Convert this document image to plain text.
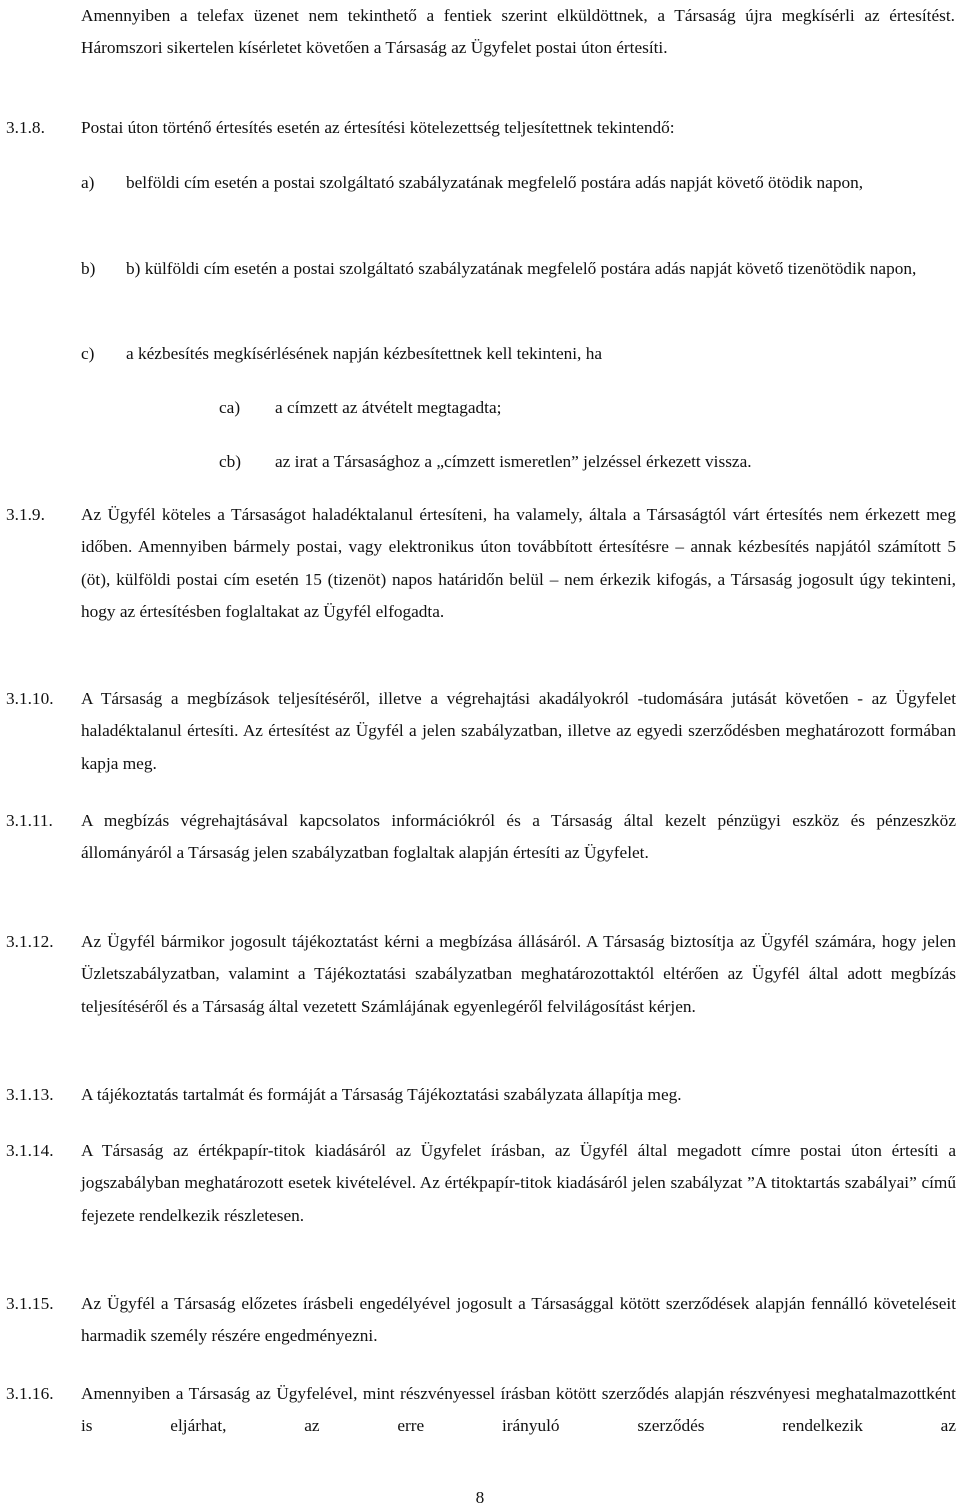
Amennyiben a telefax üzenet nem tekinthető a fentiek szerint elküldöttnek, a Társaság újra megkísérli az értesítést. Háromszori sikertelen kísérletet követően a Társaság az Ügyfelet postai úton értesíti.
3.1.8. Postai úton történő értesítés esetén az értesítési kötelezettség teljesítettnek tekintendő:
a) belföldi cím esetén a postai szolgáltató szabályzatának megfelelő postára adás napját követő ötödik napon,
b) b) külföldi cím esetén a postai szolgáltató szabályzatának megfelelő postára adás napját követő tizenötödik napon,
c) a kézbesítés megkísérlésének napján kézbesítettnek kell tekinteni, ha
ca) a címzett az átvételt megtagadta;
cb) az irat a Társasághoz a „címzett ismeretlen” jelzéssel érkezett vissza.
3.1.9. Az Ügyfél köteles a Társaságot haladéktalanul értesíteni, ha valamely, általa a Társaságtól várt értesítés nem érkezett meg időben. Amennyiben bármely postai, vagy elektronikus úton továbbított értesítésre – annak kézbesítés napjától számított 5 (öt), külföldi postai cím esetén 15 (tizenöt) napos határidőn belül – nem érkezik kifogás, a Társaság jogosult úgy tekinteni, hogy az értesítésben foglaltakat az Ügyfél elfogadta.
3.1.10. A Társaság a megbízások teljesítéséről, illetve a végrehajtási akadályokról -tudomására jutását követően - az Ügyfelet haladéktalanul értesíti. Az értesítést az Ügyfél a jelen szabályzatban, illetve az egyedi szerződésben meghatározott formában kapja meg.
3.1.11. A megbízás végrehajtásával kapcsolatos információkról és a Társaság által kezelt pénzügyi eszköz és pénzeszköz állományáról a Társaság jelen szabályzatban foglaltak alapján értesíti az Ügyfelet.
3.1.12. Az Ügyfél bármikor jogosult tájékoztatást kérni a megbízása állásáról. A Társaság biztosítja az Ügyfél számára, hogy jelen Üzletszabályzatban, valamint a Tájékoztatási szabályzatban meghatározottaktól eltérően az Ügyfél által adott megbízás teljesítéséről és a Társaság által vezetett Számlájának egyenlegéről felvilágosítást kérjen.
3.1.13. A tájékoztatás tartalmát és formáját a Társaság Tájékoztatási szabályzata állapítja meg.
3.1.14. A Társaság az értékpapír-titok kiadásáról az Ügyfelet írásban, az Ügyfél által megadott címre postai úton értesíti a jogszabályban meghatározott esetek kivételével. Az értékpapír-titok kiadásáról jelen szabályzat ”A titoktartás szabályai” című fejezete rendelkezik részletesen.
3.1.15. Az Ügyfél a Társaság előzetes írásbeli engedélyével jogosult a Társasággal kötött szerződések alapján fennálló követeléseit harmadik személy részére engedményezni.
3.1.16. Amennyiben a Társaság az Ügyfelével, mint részvényessel írásban kötött szerződés alapján részvényesi meghatalmazottként is eljárhat, az erre irányuló szerződés rendelkezik az
8
